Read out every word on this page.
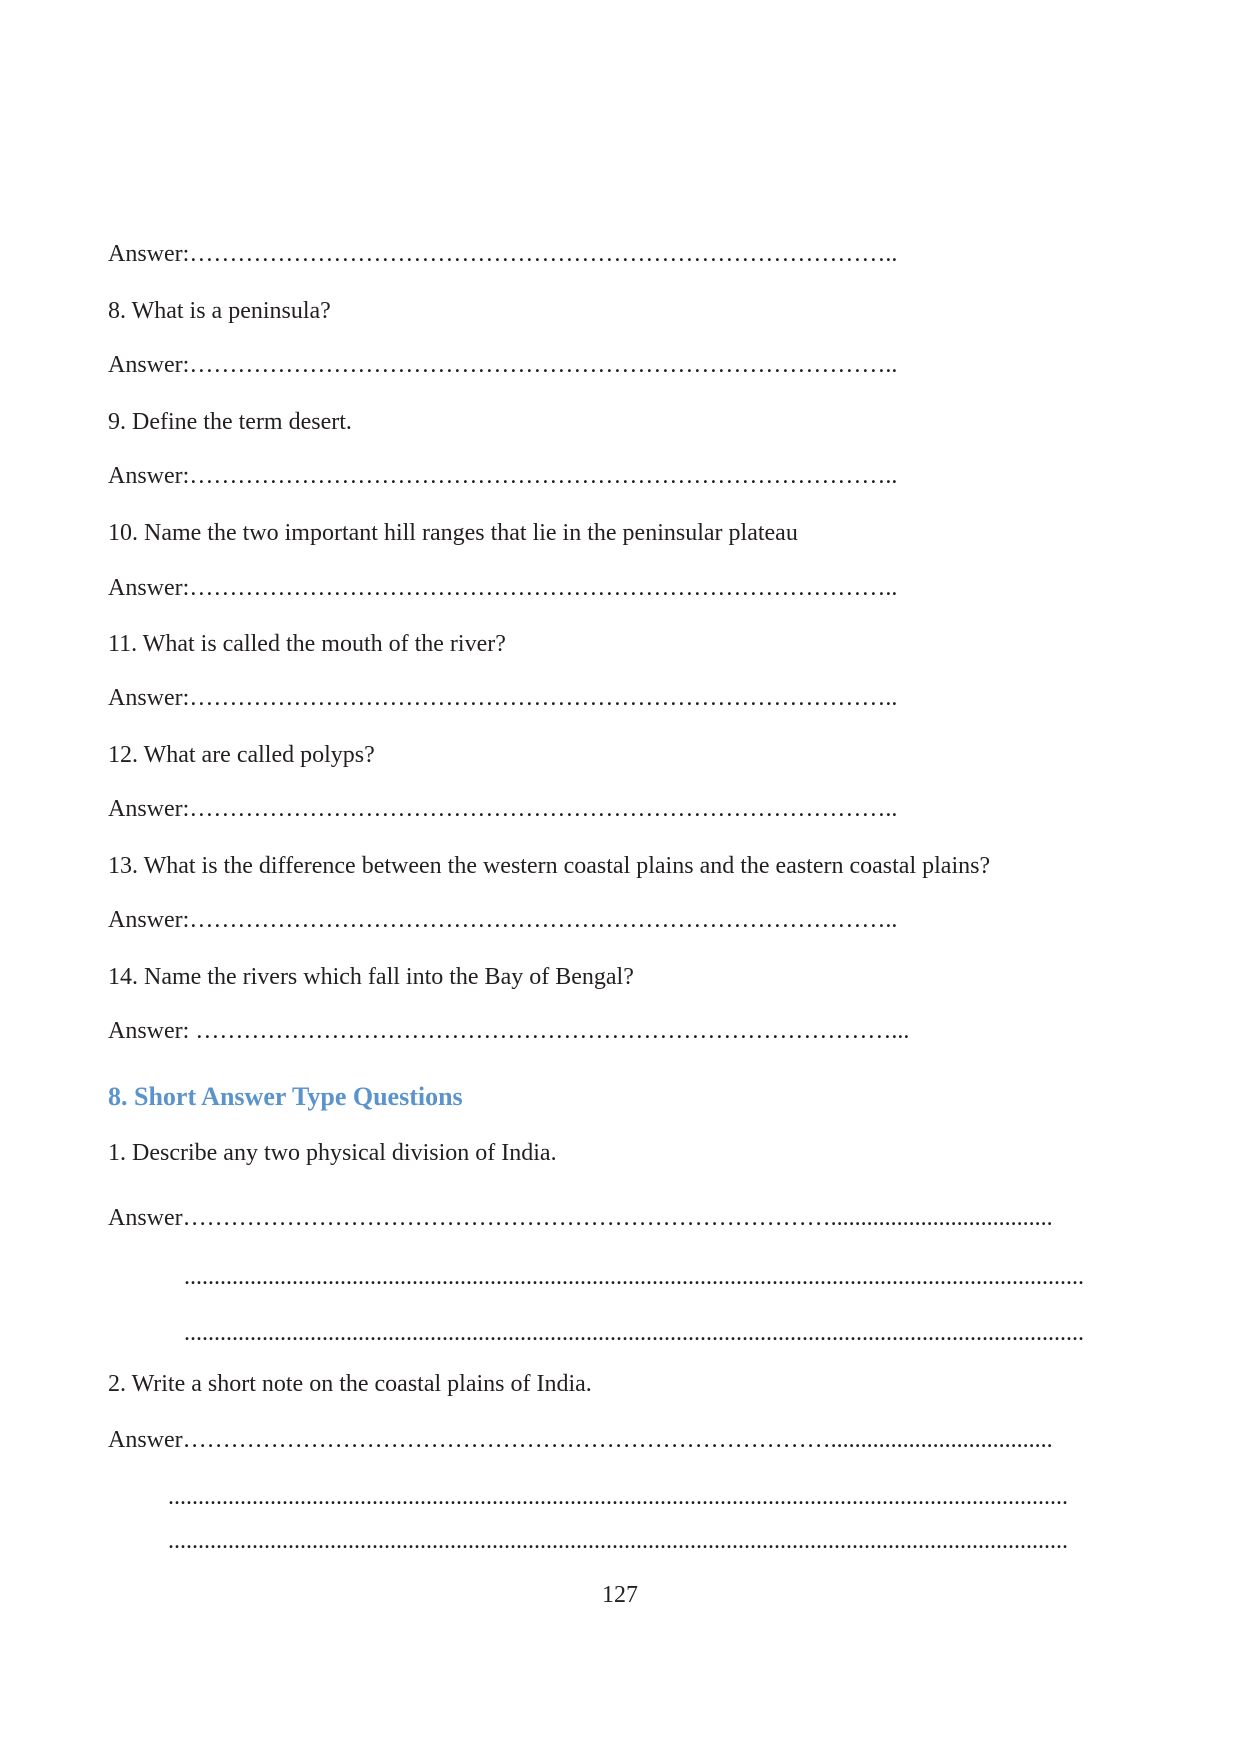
Answer:……………………………………………………………………………..
8. What is a peninsula?
Answer:……………………………………………………………………………..
9. Define the term desert.
Answer:……………………………………………………………………………..
10. Name the two important hill ranges that lie in the peninsular plateau
Answer:……………………………………………………………………………..
11. What is called the mouth of the river?
Answer:……………………………………………………………………………..
12. What are called polyps?
Answer:……………………………………………………………………………..
13. What is the difference between the western coastal plains and the eastern coastal plains?
Answer:……………………………………………………………………………..
14. Name the rivers which fall into the Bay of Bengal?
Answer: ……………………………………………………………………………...
8. Short Answer Type Questions
1. Describe any two physical division of India.
Answer……………………………………………………………………….....................................
......................................................................................................................................................
......................................................................................................................................................
2. Write a short note on the coastal plains of India.
Answer……………………………………………………………………….....................................
......................................................................................................................................................
......................................................................................................................................................
127
